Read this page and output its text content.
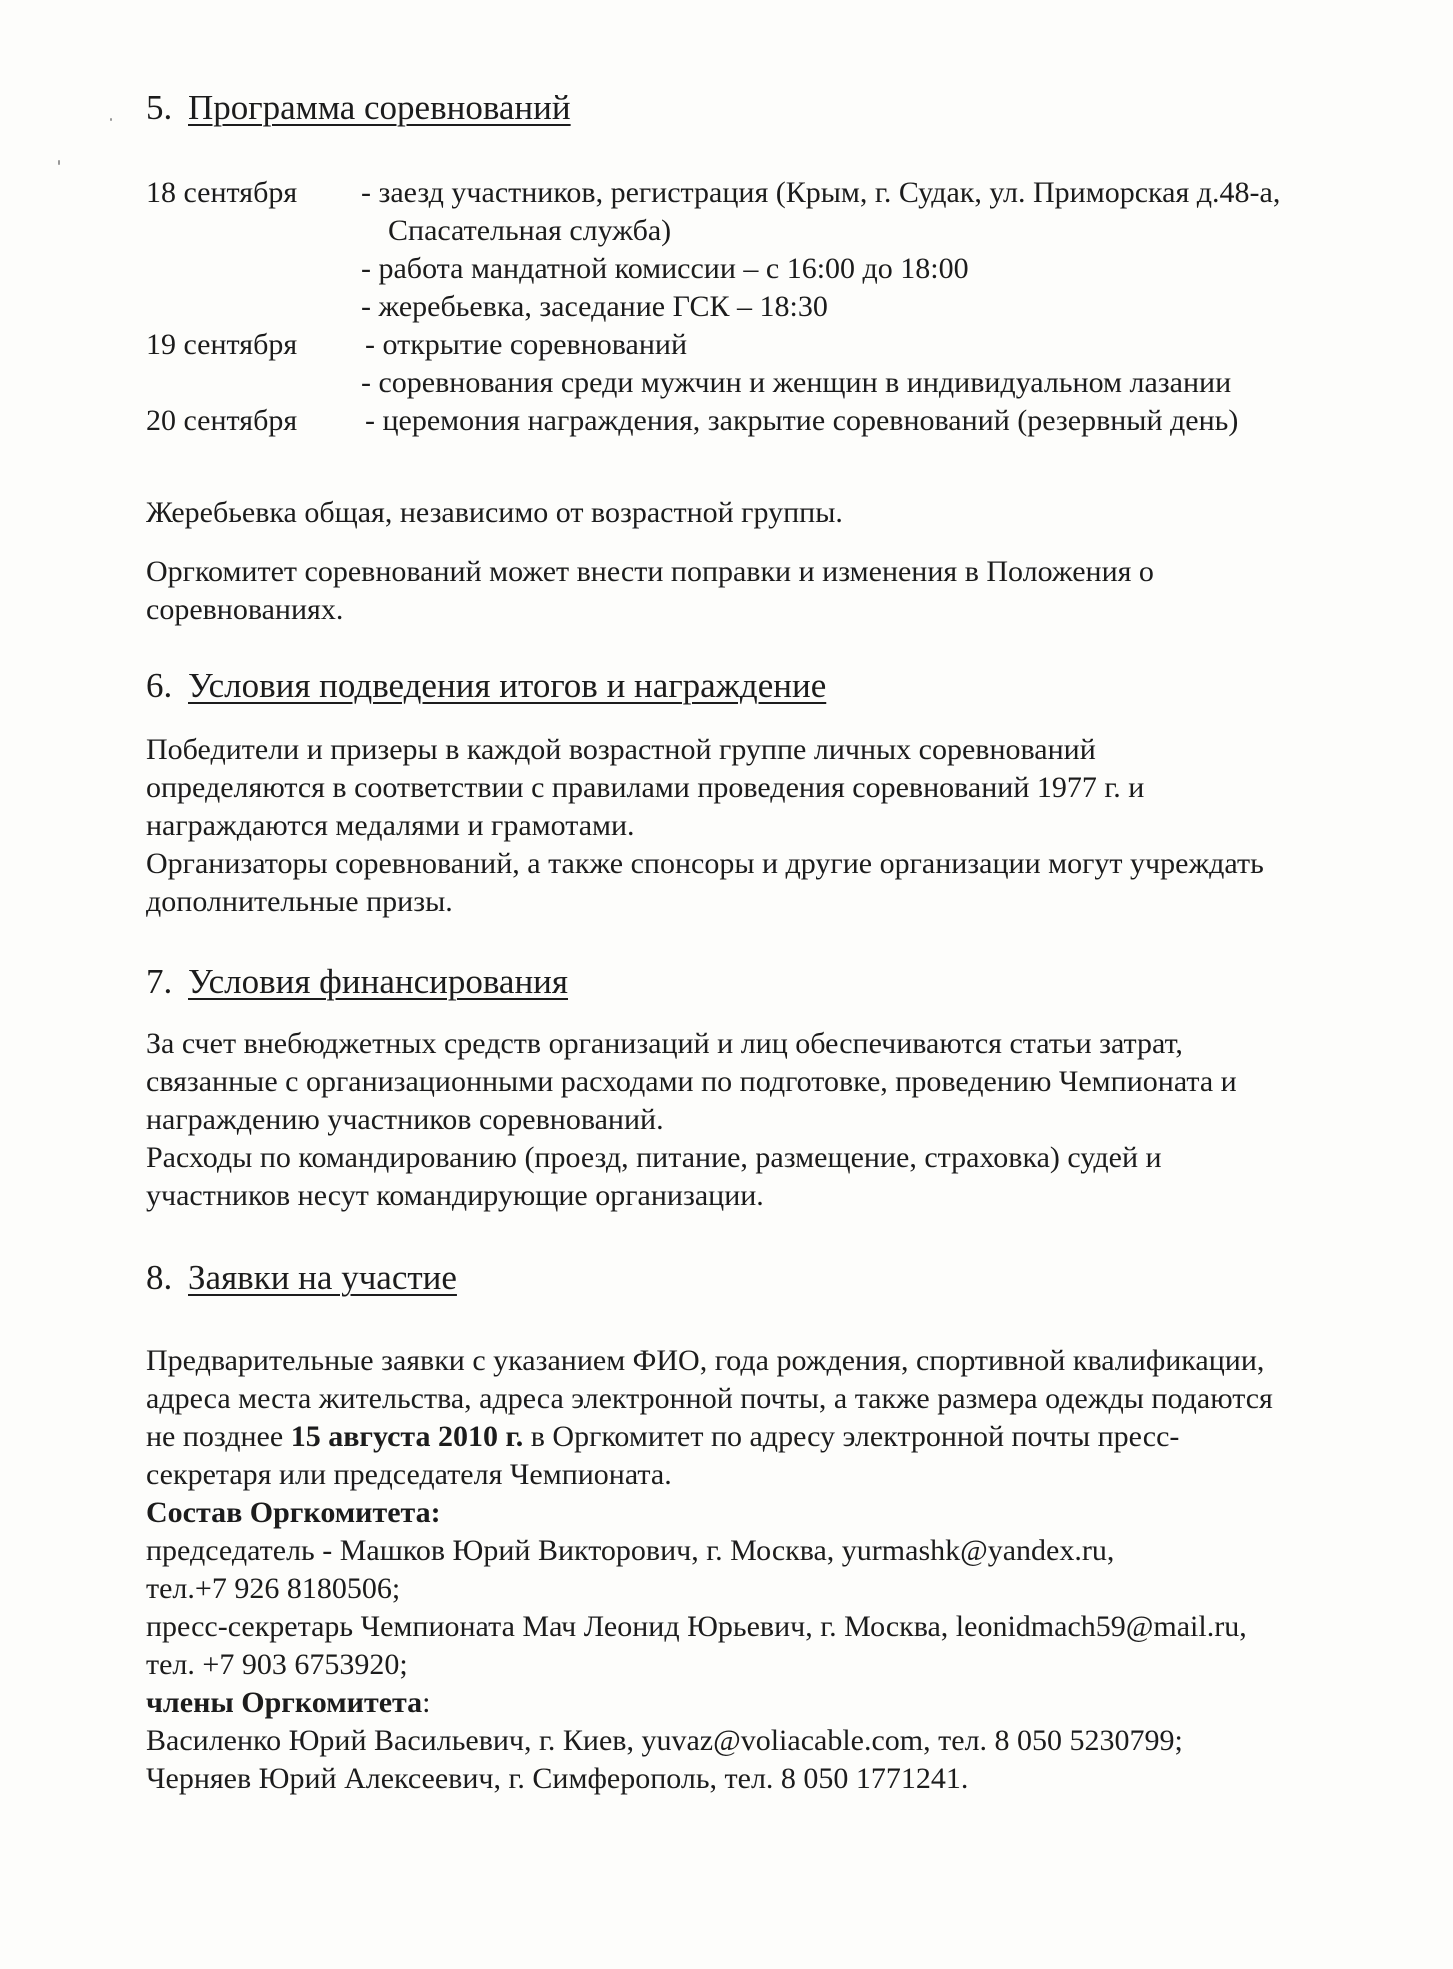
5. Программа соревнований
18 сентября - заезд участников, регистрация (Крым, г. Судак, ул. Приморская д.48-а,
Спасательная служба)
- работа мандатной комиссии – с 16:00 до 18:00
- жеребьевка, заседание ГСК – 18:30
19 сентября - открытие соревнований
- соревнования среди мужчин и женщин в индивидуальном лазании
20 сентября - церемония награждения, закрытие соревнований (резервный день)
Жеребьевка общая, независимо от возрастной группы.
Оргкомитет соревнований может внести поправки и изменения в Положения о
соревнованиях.
6. Условия подведения итогов и награждение
Победители и призеры в каждой возрастной группе личных соревнований
определяются в соответствии с правилами проведения соревнований 1977 г. и
награждаются медалями и грамотами.
Организаторы соревнований, а также спонсоры и другие организации могут учреждать
дополнительные призы.
7. Условия финансирования
За счет внебюджетных средств организаций и лиц обеспечиваются статьи затрат,
связанные с организационными расходами по подготовке, проведению Чемпионата и
награждению участников соревнований.
Расходы по командированию (проезд, питание, размещение, страховка) судей и
участников несут командирующие организации.
8. Заявки на участие
Предварительные заявки с указанием ФИО, года рождения, спортивной квалификации,
адреса места жительства, адреса электронной почты, а также размера одежды подаются
не позднее 15 августа 2010 г. в Оргкомитет по адресу электронной почты пресс-
секретаря или председателя Чемпионата.
Состав Оргкомитета:
председатель - Машков Юрий Викторович, г. Москва, yurmashk@yandex.ru,
тел.+7 926 8180506;
пресс-секретарь Чемпионата Мач Леонид Юрьевич, г. Москва, leonidmach59@mail.ru,
тел. +7 903 6753920;
члены Оргкомитета:
Василенко Юрий Васильевич, г. Киев, yuvaz@voliacable.com, тел. 8 050 5230799;
Черняев Юрий Алексеевич, г. Симферополь, тел. 8 050 1771241.
